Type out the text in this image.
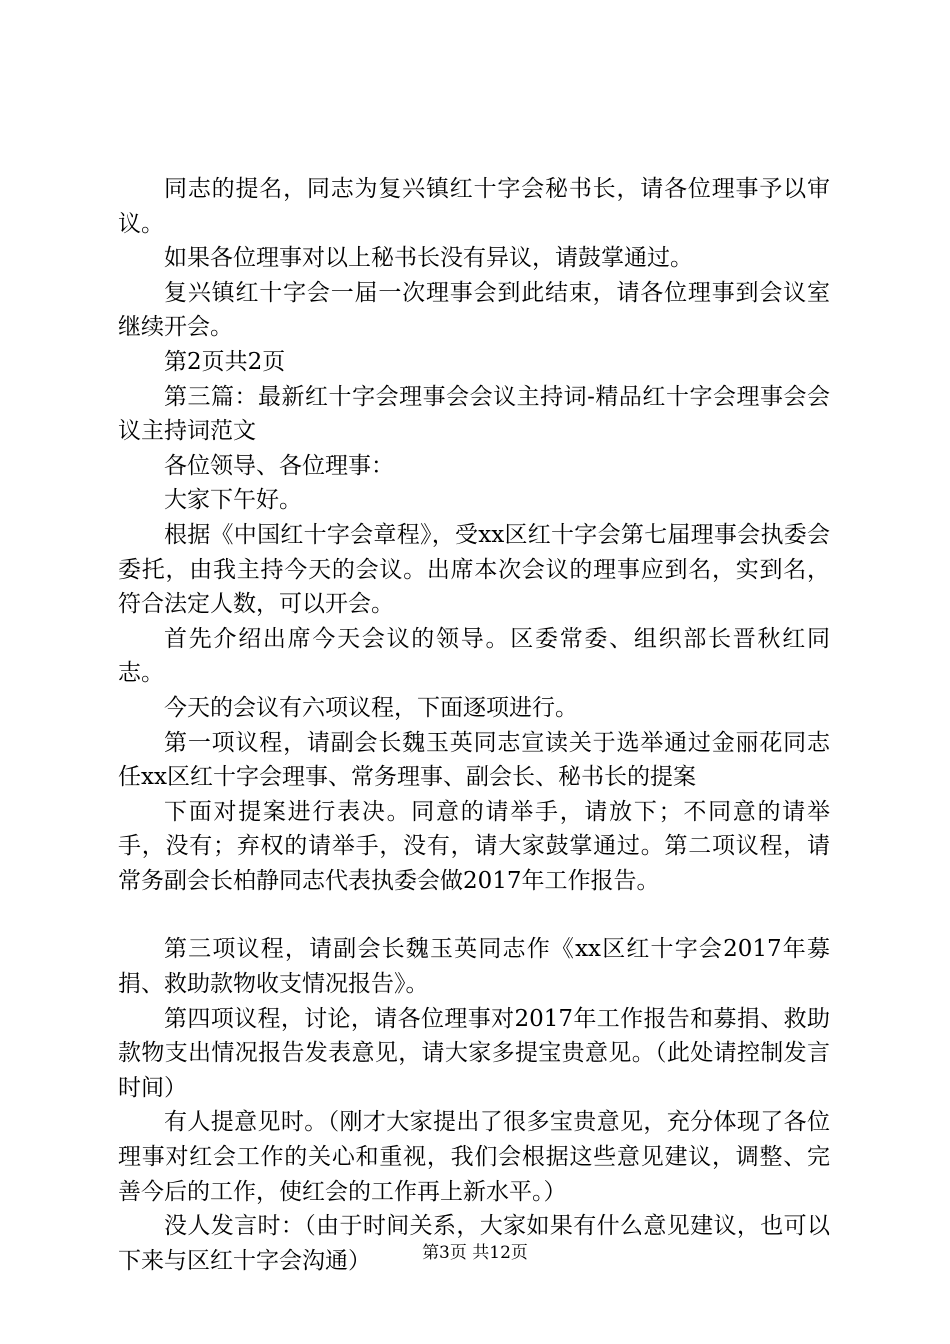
同志的提名，同志为复兴镇红十字会秘书长，请各位理事予以审议。

如果各位理事对以上秘书长没有异议，请鼓掌通过。

复兴镇红十字会一届一次理事会到此结束，请各位理事到会议室继续开会。

第2页共2页

第三篇：最新红十字会理事会会议主持词-精品红十字会理事会会议主持词范文

各位领导、各位理事：

大家下午好。

根据《中国红十字会章程》，受xx区红十字会第七届理事会执委会委托，由我主持今天的会议。出席本次会议的理事应到名，实到名，符合法定人数，可以开会。

首先介绍出席今天会议的领导。区委常委、组织部长晋秋红同志。

今天的会议有六项议程，下面逐项进行。

第一项议程，请副会长魏玉英同志宣读关于选举通过金丽花同志任xx区红十字会理事、常务理事、副会长、秘书长的提案

下面对提案进行表决。同意的请举手，请放下；不同意的请举手，没有；弃权的请举手，没有，请大家鼓掌通过。第二项议程，请常务副会长柏静同志代表执委会做2017年工作报告。

第三项议程，请副会长魏玉英同志作《xx区红十字会2017年募捐、救助款物收支情况报告》。

第四项议程，讨论，请各位理事对2017年工作报告和募捐、救助款物支出情况报告发表意见，请大家多提宝贵意见。（此处请控制发言时间）

有人提意见时。（刚才大家提出了很多宝贵意见，充分体现了各位理事对红会工作的关心和重视，我们会根据这些意见建议，调整、完善今后的工作，使红会的工作再上新水平。）

没人发言时：（由于时间关系，大家如果有什么意见建议，也可以下来与区红十字会沟通）	第3页 共12页
